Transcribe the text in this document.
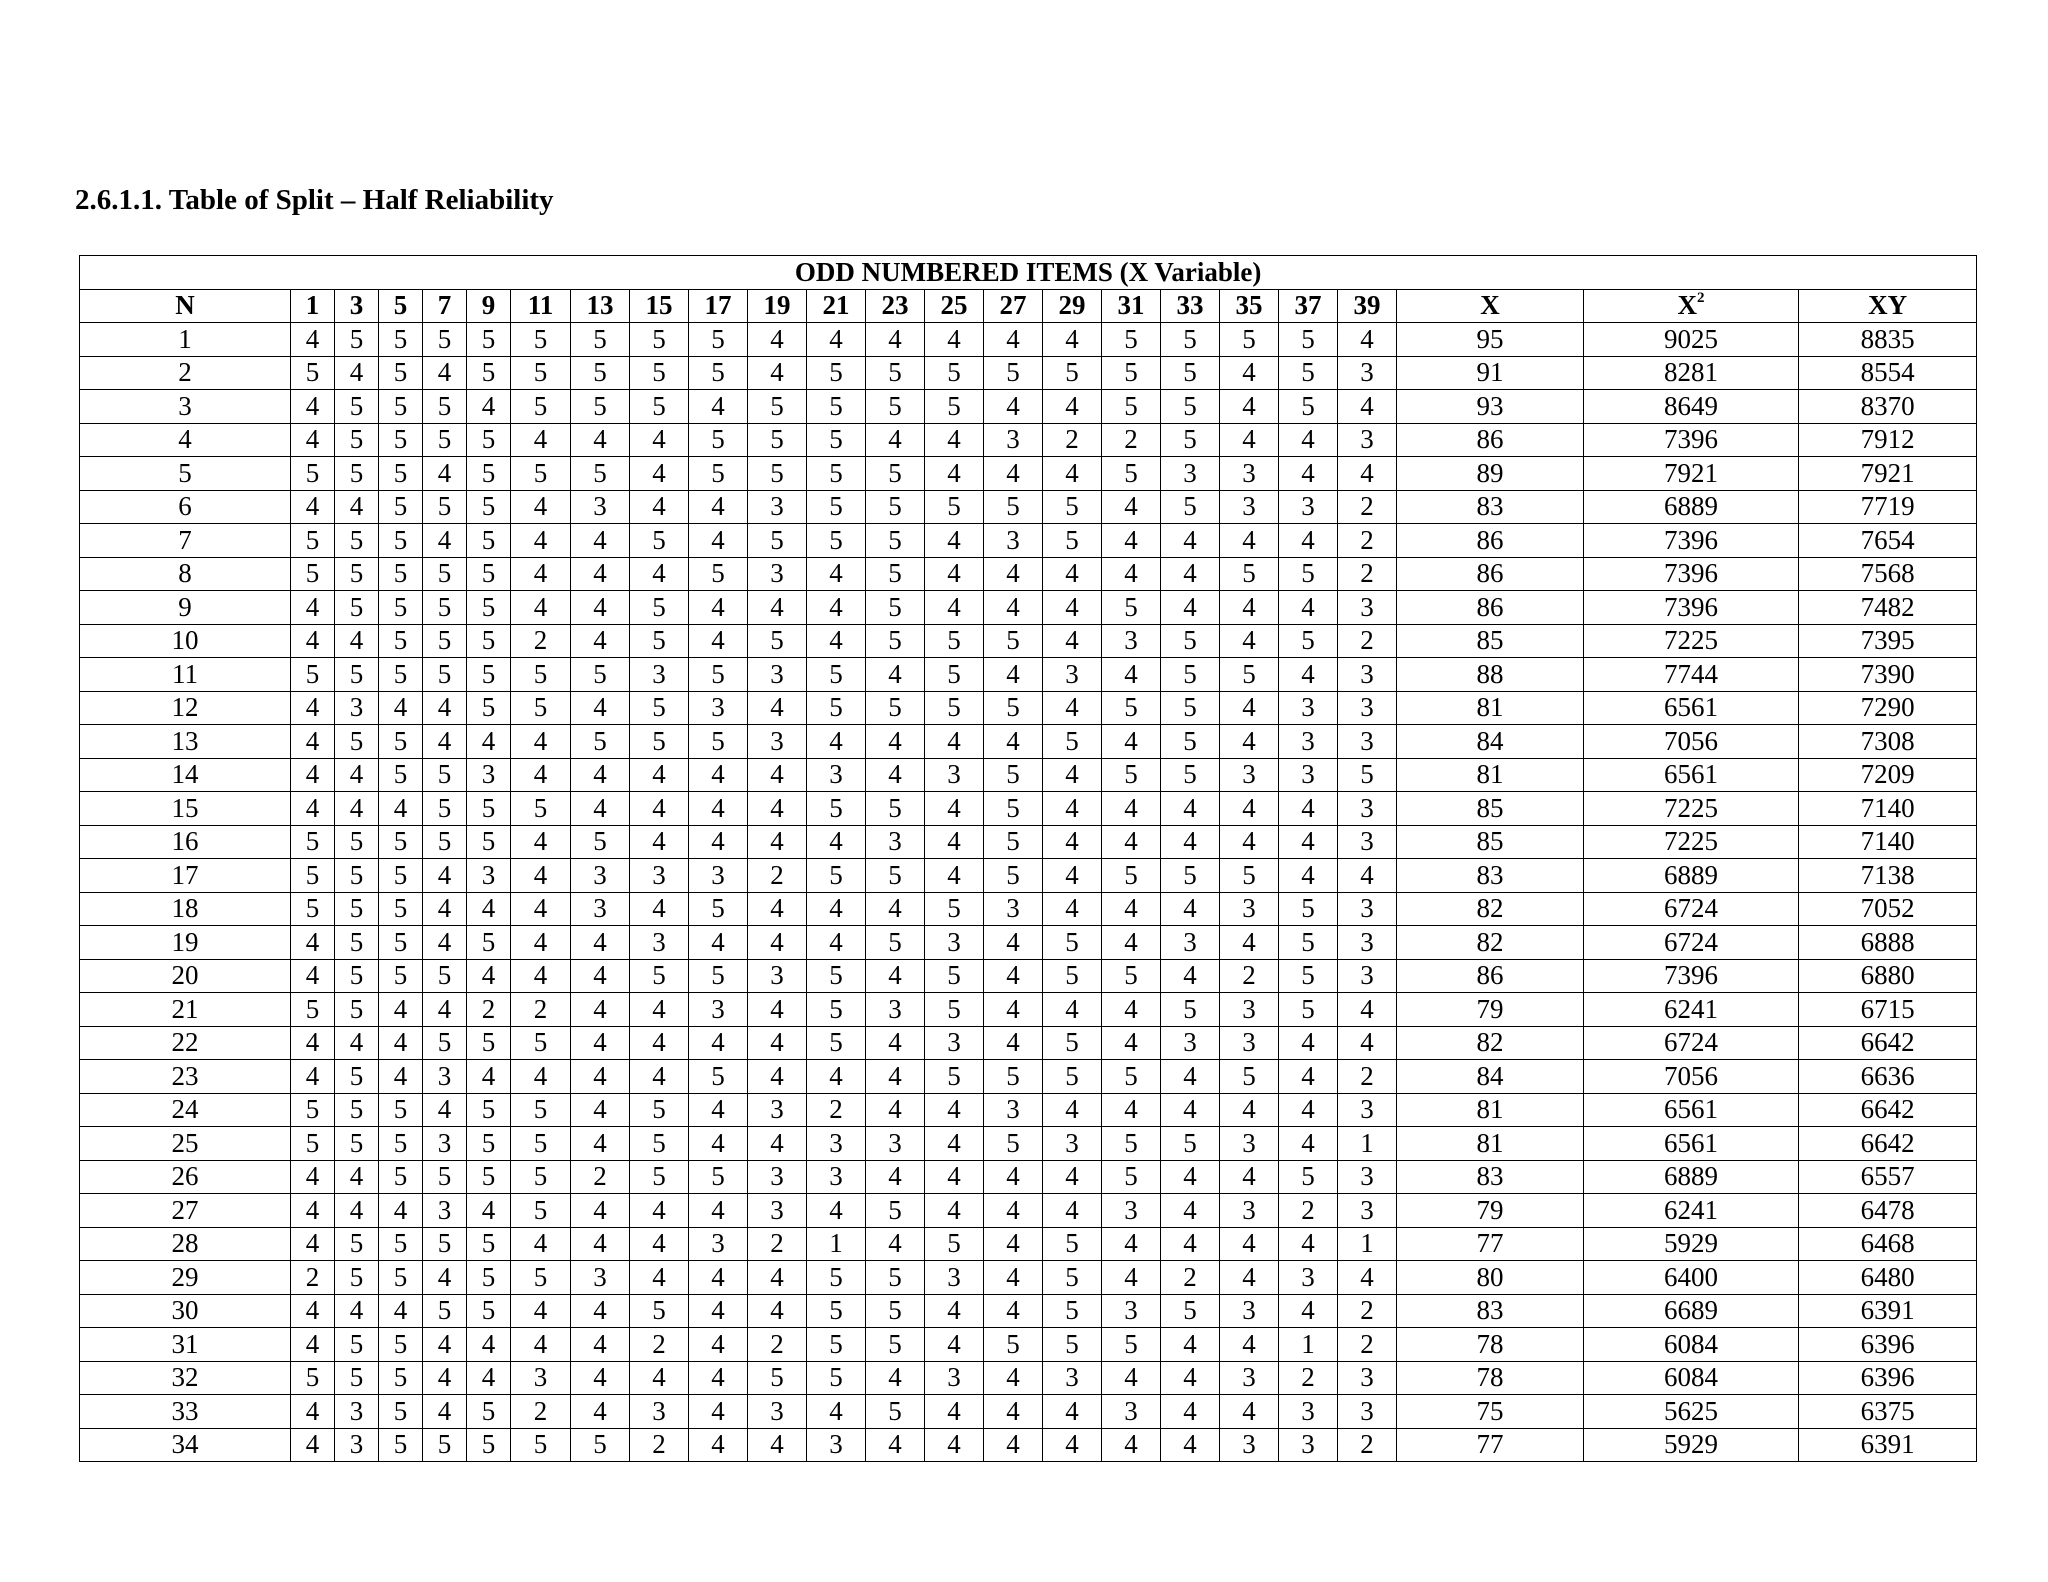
2.6.1.1. Table of Split – Half Reliability
ODD NUMBERED ITEMS (X Variable)																							
N	1	3	5	7	9	11	13	15	17	19	21	23	25	27	29	31	33	35	37	39	X	$X^2$	XY
1	4	5	5	5	5	5	5	5	5	4	4	4	4	4	4	5	5	5	5	4	95	9025	8835
2	5	4	5	4	5	5	5	5	5	4	5	5	5	5	5	5	5	4	5	3	91	8281	8554
3	4	5	5	5	4	5	5	5	4	5	5	5	5	4	4	5	5	4	5	4	93	8649	8370
4	4	5	5	5	5	4	4	4	5	5	5	4	4	3	2	2	5	4	4	3	86	7396	7912
5	5	5	5	4	5	5	5	4	5	5	5	5	4	4	4	5	3	3	4	4	89	7921	7921
6	4	4	5	5	5	4	3	4	4	3	5	5	5	5	5	4	5	3	3	2	83	6889	7719
7	5	5	5	4	5	4	4	5	4	5	5	5	4	3	5	4	4	4	4	2	86	7396	7654
8	5	5	5	5	5	4	4	4	5	3	4	5	4	4	4	4	4	5	5	2	86	7396	7568
9	4	5	5	5	5	4	4	5	4	4	4	5	4	4	4	5	4	4	4	3	86	7396	7482
10	4	4	5	5	5	2	4	5	4	5	4	5	5	5	4	3	5	4	5	2	85	7225	7395
11	5	5	5	5	5	5	5	3	5	3	5	4	5	4	3	4	5	5	4	3	88	7744	7390
12	4	3	4	4	5	5	4	5	3	4	5	5	5	5	4	5	5	4	3	3	81	6561	7290
13	4	5	5	4	4	4	5	5	5	3	4	4	4	4	5	4	5	4	3	3	84	7056	7308
14	4	4	5	5	3	4	4	4	4	4	3	4	3	5	4	5	5	3	3	5	81	6561	7209
15	4	4	4	5	5	5	4	4	4	4	5	5	4	5	4	4	4	4	4	3	85	7225	7140
16	5	5	5	5	5	4	5	4	4	4	4	3	4	5	4	4	4	4	4	3	85	7225	7140
17	5	5	5	4	3	4	3	3	3	2	5	5	4	5	4	5	5	5	4	4	83	6889	7138
18	5	5	5	4	4	4	3	4	5	4	4	4	5	3	4	4	4	3	5	3	82	6724	7052
19	4	5	5	4	5	4	4	3	4	4	4	5	3	4	5	4	3	4	5	3	82	6724	6888
20	4	5	5	5	4	4	4	5	5	3	5	4	5	4	5	5	4	2	5	3	86	7396	6880
21	5	5	4	4	2	2	4	4	3	4	5	3	5	4	4	4	5	3	5	4	79	6241	6715
22	4	4	4	5	5	5	4	4	4	4	5	4	3	4	5	4	3	3	4	4	82	6724	6642
23	4	5	4	3	4	4	4	4	5	4	4	4	5	5	5	5	4	5	4	2	84	7056	6636
24	5	5	5	4	5	5	4	5	4	3	2	4	4	3	4	4	4	4	4	3	81	6561	6642
25	5	5	5	3	5	5	4	5	4	4	3	3	4	5	3	5	5	3	4	1	81	6561	6642
26	4	4	5	5	5	5	2	5	5	3	3	4	4	4	4	5	4	4	5	3	83	6889	6557
27	4	4	4	3	4	5	4	4	4	3	4	5	4	4	4	3	4	3	2	3	79	6241	6478
28	4	5	5	5	5	4	4	4	3	2	1	4	5	4	5	4	4	4	4	1	77	5929	6468
29	2	5	5	4	5	5	3	4	4	4	5	5	3	4	5	4	2	4	3	4	80	6400	6480
30	4	4	4	5	5	4	4	5	4	4	5	5	4	4	5	3	5	3	4	2	83	6689	6391
31	4	5	5	4	4	4	4	2	4	2	5	5	4	5	5	5	4	4	1	2	78	6084	6396
32	5	5	5	4	4	3	4	4	4	5	5	4	3	4	3	4	4	3	2	3	78	6084	6396
33	4	3	5	4	5	2	4	3	4	3	4	5	4	4	4	3	4	4	3	3	75	5625	6375
34	4	3	5	5	5	5	5	2	4	4	3	4	4	4	4	4	4	3	3	2	77	5929	6391
